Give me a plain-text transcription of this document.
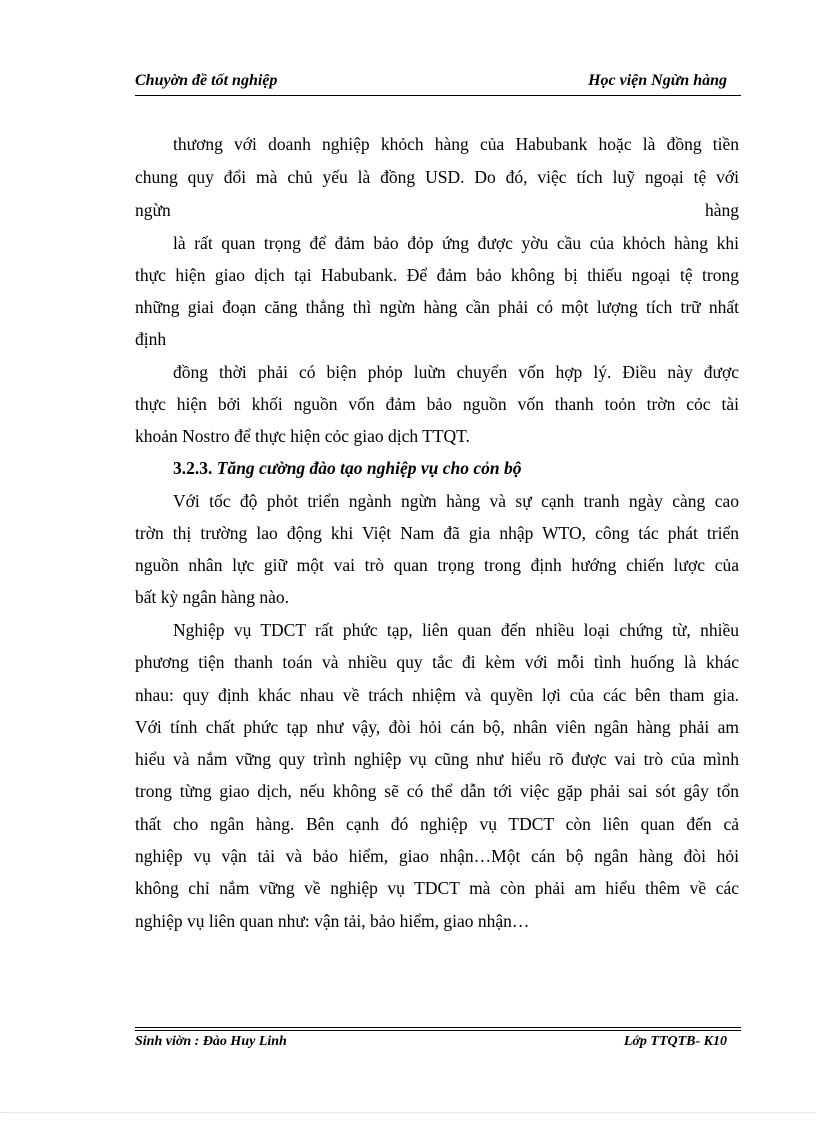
Chuyờn đề tốt nghiệp	Học viện Ngừn hàng
thương với doanh nghiệp khỏch hàng của Habubank hoặc là đồng tiền
chung quy đổi mà chủ yếu là đồng USD. Do đó, việc tích luỹ ngoại tệ với
ngừn	hàng
là rất quan trọng để đảm bảo đỏp ứng được yờu cầu của khỏch hàng khi
thực hiện giao dịch tại Habubank. Để đảm bảo không bị thiếu ngoại tệ trong
những giai đoạn căng thẳng thì ngừn hàng cần phải có một lượng tích trữ nhất
định
đồng thời phải có biện phỏp luừn chuyển vốn hợp lý. Điều này được
thực hiện bởi khối nguồn vốn đảm bảo nguồn vốn thanh toỏn trờn cỏc tài
khoản Nostro để thực hiện cỏc giao dịch TTQT.
3.2.3. Tăng cường đào tạo nghiệp vụ cho cỏn bộ
Với tốc độ phỏt triển ngành ngừn hàng và sự cạnh tranh ngày càng cao
trờn thị trường lao động khi Việt Nam đã gia nhập WTO, công tác phát triển
nguồn nhân lực giữ một vai trò quan trọng trong định hướng chiến lược của
bất kỳ ngân hàng nào.
Nghiệp vụ TDCT rất phức tạp, liên quan đến nhiều loại chứng từ, nhiều
phương tiện thanh toán và nhiều quy tắc đi kèm với mỗi tình huống là khác
nhau: quy định khác nhau về trách nhiệm và quyền lợi của các bên tham gia.
Với tính chất phức tạp như vậy, đòi hỏi cán bộ, nhân viên ngân hàng phải am
hiểu và nắm vững quy trình nghiệp vụ cũng như hiểu rõ được vai trò của mình
trong từng giao dịch, nếu không sẽ có thể dẫn tới việc gặp phải sai sót gây tổn
thất cho ngân hàng. Bên cạnh đó nghiệp vụ TDCT còn liên quan đến cả
nghiệp vụ vận tải và bảo hiểm, giao nhận…Một cán bộ ngân hàng đòi hỏi
không chỉ nắm vững về nghiệp vụ TDCT mà còn phải am hiểu thêm về các
nghiệp vụ liên quan như: vận tải, bảo hiểm, giao nhận…
Sinh viờn : Đào Huy Linh	Lớp TTQTB- K10
